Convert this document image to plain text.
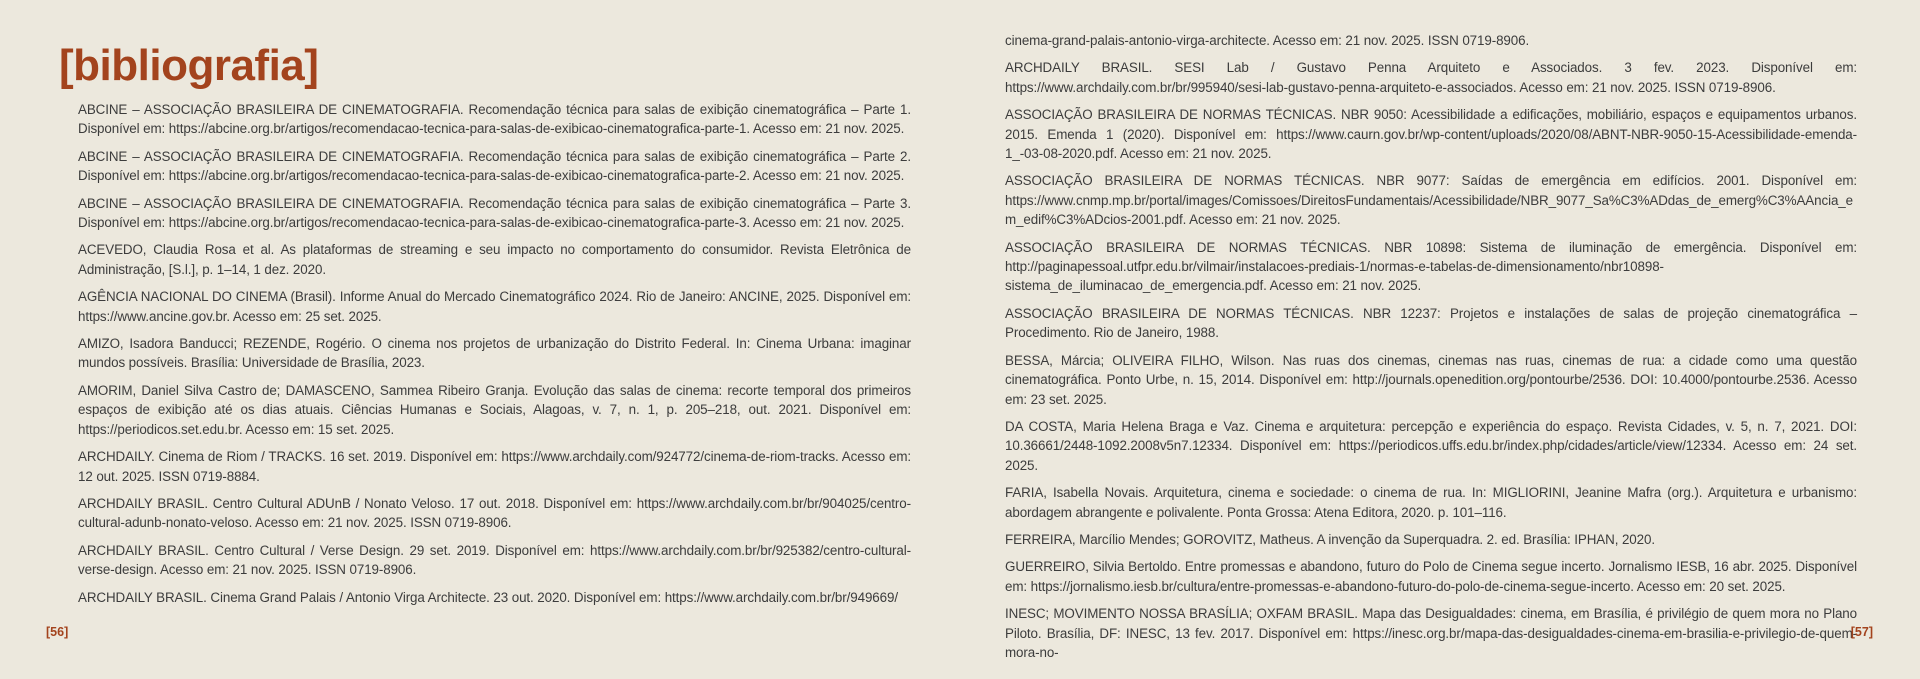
[bibliografia]

ABCINE – ASSOCIAÇÃO BRASILEIRA DE CINEMATOGRAFIA. Recomendação técnica para salas de exibição cinematográfica – Parte 1. Disponível em: https://abcine.org.br/artigos/recomendacao-tecnica-para-salas-de-exibicao-cinematografica-parte-1. Acesso em: 21 nov. 2025.

ABCINE – ASSOCIAÇÃO BRASILEIRA DE CINEMATOGRAFIA. Recomendação técnica para salas de exibição cinematográfica – Parte 2. Disponível em: https://abcine.org.br/artigos/recomendacao-tecnica-para-salas-de-exibicao-cinematografica-parte-2. Acesso em: 21 nov. 2025.

ABCINE – ASSOCIAÇÃO BRASILEIRA DE CINEMATOGRAFIA. Recomendação técnica para salas de exibição cinematográfica – Parte 3. Disponível em: https://abcine.org.br/artigos/recomendacao-tecnica-para-salas-de-exibicao-cinematografica-parte-3. Acesso em: 21 nov. 2025.

ACEVEDO, Claudia Rosa et al. As plataformas de streaming e seu impacto no comportamento do consumidor. Revista Eletrônica de Administração, [S.l.], p. 1–14, 1 dez. 2020.

AGÊNCIA NACIONAL DO CINEMA (Brasil). Informe Anual do Mercado Cinematográfico 2024. Rio de Janeiro: ANCINE, 2025. Disponível em: https://www.ancine.gov.br. Acesso em: 25 set. 2025.

AMIZO, Isadora Banducci; REZENDE, Rogério. O cinema nos projetos de urbanização do Distrito Federal. In: Cinema Urbana: imaginar mundos possíveis. Brasília: Universidade de Brasília, 2023.

AMORIM, Daniel Silva Castro de; DAMASCENO, Sammea Ribeiro Granja. Evolução das salas de cinema: recorte temporal dos primeiros espaços de exibição até os dias atuais. Ciências Humanas e Sociais, Alagoas, v. 7, n. 1, p. 205–218, out. 2021. Disponível em: https://periodicos.set.edu.br. Acesso em: 15 set. 2025.

ARCHDAILY. Cinema de Riom / TRACKS. 16 set. 2019. Disponível em: https://www.archdaily.com/924772/cinema-de-riom-tracks. Acesso em: 12 out. 2025. ISSN 0719-8884.

ARCHDAILY BRASIL. Centro Cultural ADUnB / Nonato Veloso. 17 out. 2018. Disponível em: https://www.archdaily.com.br/br/904025/centro-cultural-adunb-nonato-veloso. Acesso em: 21 nov. 2025. ISSN 0719-8906.

ARCHDAILY BRASIL. Centro Cultural / Verse Design. 29 set. 2019. Disponível em: https://www.archdaily.com.br/br/925382/centro-cultural-verse-design. Acesso em: 21 nov. 2025. ISSN 0719-8906.

ARCHDAILY BRASIL. Cinema Grand Palais / Antonio Virga Architecte. 23 out. 2020. Disponível em: https://www.archdaily.com.br/br/949669/

cinema-grand-palais-antonio-virga-architecte. Acesso em: 21 nov. 2025. ISSN 0719-8906.

ARCHDAILY BRASIL. SESI Lab / Gustavo Penna Arquiteto e Associados. 3 fev. 2023. Disponível em: https://www.archdaily.com.br/br/995940/sesi-lab-gustavo-penna-arquiteto-e-associados. Acesso em: 21 nov. 2025. ISSN 0719-8906.

ASSOCIAÇÃO BRASILEIRA DE NORMAS TÉCNICAS. NBR 9050: Acessibilidade a edificações, mobiliário, espaços e equipamentos urbanos. 2015. Emenda 1 (2020). Disponível em: https://www.caurn.gov.br/wp-content/uploads/2020/08/ABNT-NBR-9050-15-Acessibilidade-emenda-1_-03-08-2020.pdf. Acesso em: 21 nov. 2025.

ASSOCIAÇÃO BRASILEIRA DE NORMAS TÉCNICAS. NBR 9077: Saídas de emergência em edifícios. 2001. Disponível em: https://www.cnmp.mp.br/portal/images/Comissoes/DireitosFundamentais/Acessibilidade/NBR_9077_Sa%C3%ADdas_de_emerg%C3%AAncia_em_edif%C3%ADcios-2001.pdf. Acesso em: 21 nov. 2025.

ASSOCIAÇÃO BRASILEIRA DE NORMAS TÉCNICAS. NBR 10898: Sistema de iluminação de emergência. Disponível em: http://paginapessoal.utfpr.edu.br/vilmair/instalacoes-prediais-1/normas-e-tabelas-de-dimensionamento/nbr10898-sistema_de_iluminacao_de_emergencia.pdf. Acesso em: 21 nov. 2025.

ASSOCIAÇÃO BRASILEIRA DE NORMAS TÉCNICAS. NBR 12237: Projetos e instalações de salas de projeção cinematográfica – Procedimento. Rio de Janeiro, 1988.

BESSA, Márcia; OLIVEIRA FILHO, Wilson. Nas ruas dos cinemas, cinemas nas ruas, cinemas de rua: a cidade como uma questão cinematográfica. Ponto Urbe, n. 15, 2014. Disponível em: http://journals.openedition.org/pontourbe/2536. DOI: 10.4000/pontourbe.2536. Acesso em: 23 set. 2025.

DA COSTA, Maria Helena Braga e Vaz. Cinema e arquitetura: percepção e experiência do espaço. Revista Cidades, v. 5, n. 7, 2021. DOI: 10.36661/2448-1092.2008v5n7.12334. Disponível em: https://periodicos.uffs.edu.br/index.php/cidades/article/view/12334. Acesso em: 24 set. 2025.

FARIA, Isabella Novais. Arquitetura, cinema e sociedade: o cinema de rua. In: MIGLIORINI, Jeanine Mafra (org.). Arquitetura e urbanismo: abordagem abrangente e polivalente. Ponta Grossa: Atena Editora, 2020. p. 101–116.

FERREIRA, Marcílio Mendes; GOROVITZ, Matheus. A invenção da Superquadra. 2. ed. Brasília: IPHAN, 2020.

GUERREIRO, Silvia Bertoldo. Entre promessas e abandono, futuro do Polo de Cinema segue incerto. Jornalismo IESB, 16 abr. 2025. Disponível em: https://jornalismo.iesb.br/cultura/entre-promessas-e-abandono-futuro-do-polo-de-cinema-segue-incerto. Acesso em: 20 set. 2025.

INESC; MOVIMENTO NOSSA BRASÍLIA; OXFAM BRASIL. Mapa das Desigualdades: cinema, em Brasília, é privilégio de quem mora no Plano Piloto. Brasília, DF: INESC, 13 fev. 2017. Disponível em: https://inesc.org.br/mapa-das-desigualdades-cinema-em-brasilia-e-privilegio-de-quem-mora-no-

[56]	[57]
